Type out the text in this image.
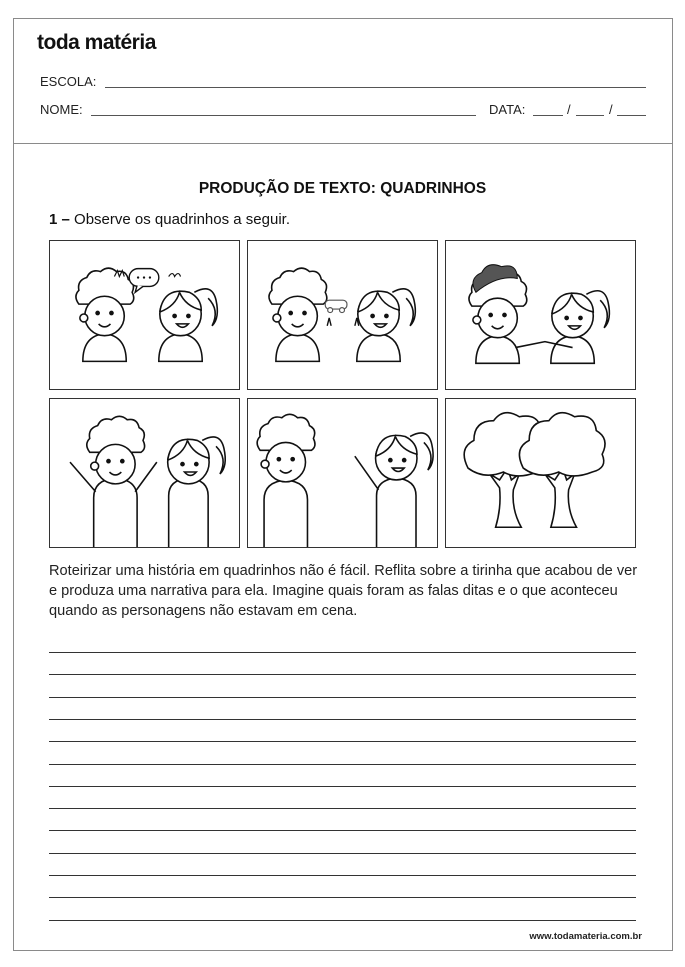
toda matéria
ESCOLA:
NOME:	DATA:	/	/
PRODUÇÃO DE TEXTO: QUADRINHOS
1 – Observe os quadrinhos a seguir.
Roteirizar uma história em quadrinhos não é fácil. Reflita sobre a tirinha que acabou de ver e produza uma narrativa para ela. Imagine quais foram as falas ditas e o que aconteceu quando as personagens não estavam em cena.
www.todamateria.com.br
